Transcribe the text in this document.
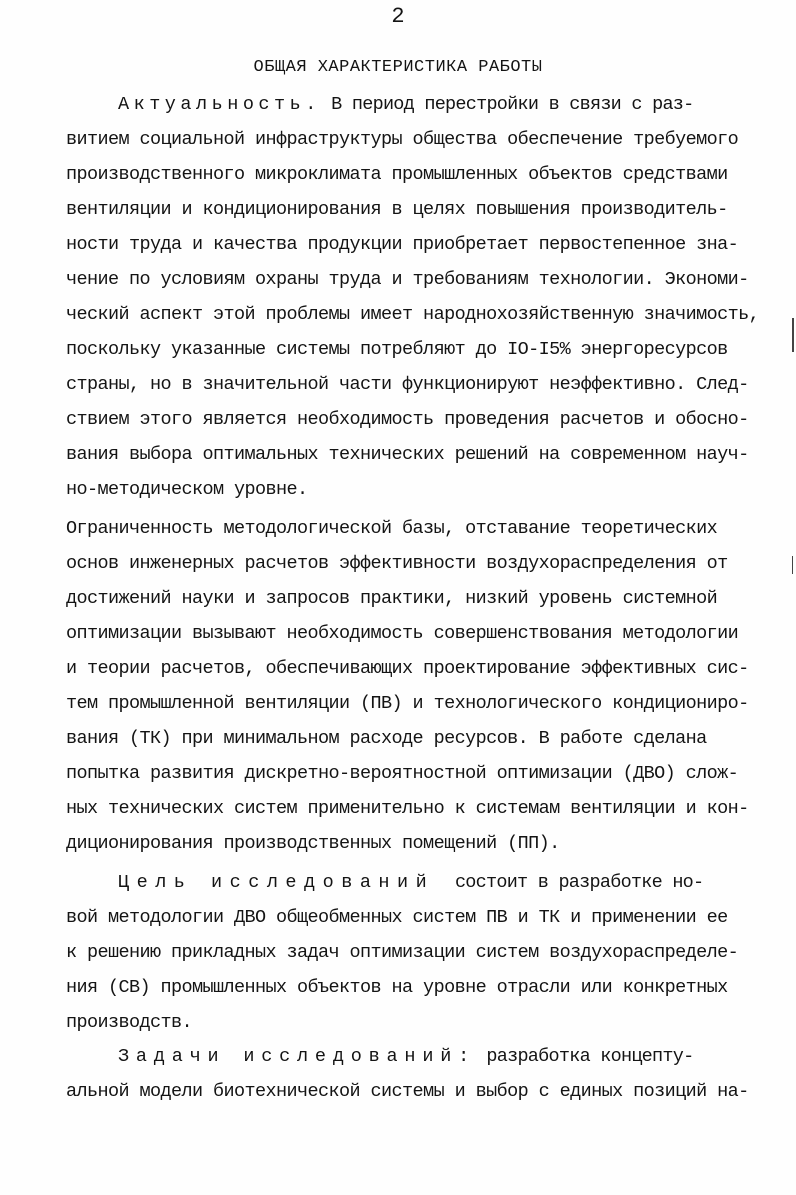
2
ОБЩАЯ ХАРАКТЕРИСТИКА РАБОТЫ
Актуальность. В период перестройки в связи с раз-
витием социальной инфраструктуры общества обеспечение требуемого
производственного микроклимата промышленных объектов средствами
вентиляции и кондиционирования в целях повышения производитель-
ности труда и качества продукции приобретает первостепенное зна-
чение по условиям охраны труда и требованиям технологии. Экономи-
ческий аспект этой проблемы имеет народнохозяйственную значимость,
поскольку указанные системы потребляют до IO-I5% энергоресурсов
страны, но в значительной части функционируют неэффективно. След-
ствием этого является необходимость проведения расчетов и обосно-
вания выбора оптимальных технических решений на современном науч-
но-методическом уровне.
Ограниченность методологической базы, отставание теоретических
основ инженерных расчетов эффективности воздухораспределения от
достижений науки и запросов практики, низкий уровень системной
оптимизации вызывают необходимость совершенствования методологии
и теории расчетов, обеспечивающих проектирование эффективных сис-
тем промышленной вентиляции (ПВ) и технологического кондициониро-
вания (ТК) при минимальном расходе ресурсов. В работе сделана
попытка развития дискретно-вероятностной оптимизации (ДВО) слож-
ных технических систем применительно к системам вентиляции и кон-
диционирования производственных помещений (ПП).
Цель исследований  состоит в разработке но-
вой методологии ДВО общеобменных систем ПВ и ТК и применении ее
к решению прикладных задач оптимизации систем воздухораспределе-
ния (СВ) промышленных объектов на уровне отрасли или конкретных
производств.
Задачи исследований: разработка концепту-
альной модели биотехнической системы и выбор с единых позиций на-
